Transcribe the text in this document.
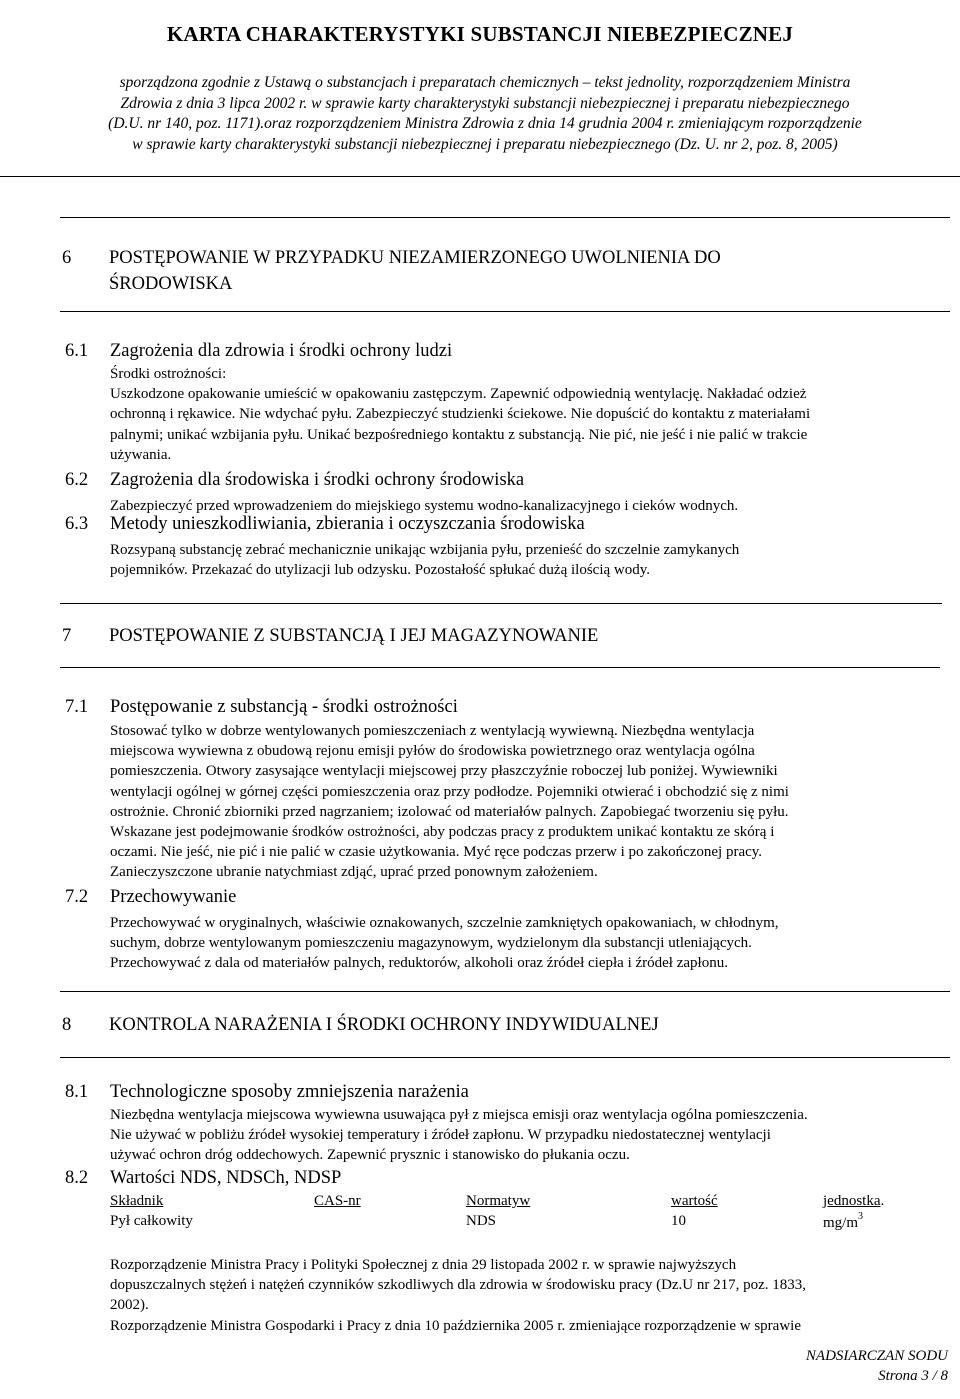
KARTA CHARAKTERYSTYKI SUBSTANCJI NIEBEZPIECZNEJ
sporządzona zgodnie z Ustawą o substancjach i preparatach chemicznych – tekst jednolity, rozporządzeniem Ministra
Zdrowia z dnia 3 lipca 2002 r. w sprawie karty charakterystyki substancji niebezpiecznej i preparatu niebezpiecznego
(D.U. nr 140, poz. 1171).oraz rozporządzeniem Ministra Zdrowia z dnia 14 grudnia 2004 r. zmieniającym rozporządzenie
w sprawie karty charakterystyki substancji niebezpiecznej i preparatu niebezpiecznego (Dz. U. nr 2, poz. 8, 2005)
6 POSTĘPOWANIE W PRZYPADKU NIEZAMIERZONEGO UWOLNIENIA DO
ŚRODOWISKA
6.1 Zagrożenia dla zdrowia i środki ochrony ludzi
Środki ostrożności:
Uszkodzone opakowanie umieścić w opakowaniu zastępczym. Zapewnić odpowiednią wentylację. Nakładać odzież
ochronną i rękawice. Nie wdychać pyłu. Zabezpieczyć studzienki ściekowe. Nie dopuścić do kontaktu z materiałami
palnymi; unikać wzbijania pyłu. Unikać bezpośredniego kontaktu z substancją. Nie pić, nie jeść i nie palić w trakcie
używania.
6.2 Zagrożenia dla środowiska i środki ochrony środowiska
Zabezpieczyć przed wprowadzeniem do miejskiego systemu wodno-kanalizacyjnego i cieków wodnych.
6.3 Metody unieszkodliwiania, zbierania i oczyszczania środowiska
Rozsypaną substancję zebrać mechanicznie unikając wzbijania pyłu, przenieść do szczelnie zamykanych
pojemników. Przekazać do utylizacji lub odzysku. Pozostałość spłukać dużą ilością wody.
7 POSTĘPOWANIE Z SUBSTANCJĄ I JEJ MAGAZYNOWANIE
7.1 Postępowanie z substancją - środki ostrożności
Stosować tylko w dobrze wentylowanych pomieszczeniach z wentylacją wywiewną. Niezbędna wentylacja
miejscowa wywiewna z obudową rejonu emisji pyłów do środowiska powietrznego oraz wentylacja ogólna
pomieszczenia. Otwory zasysające wentylacji miejscowej przy płaszczyźnie roboczej lub poniżej. Wywiewniki
wentylacji ogólnej w górnej części pomieszczenia oraz przy podłodze. Pojemniki otwierać i obchodzić się z nimi
ostrożnie. Chronić zbiorniki przed nagrzaniem; izolować od materiałów palnych. Zapobiegać tworzeniu się pyłu.
Wskazane jest podejmowanie środków ostrożności, aby podczas pracy z produktem unikać kontaktu ze skórą i
oczami. Nie jeść, nie pić i nie palić w czasie użytkowania. Myć ręce podczas przerw i po zakończonej pracy.
Zanieczyszczone ubranie natychmiast zdjąć, uprać przed ponownym założeniem.
7.2 Przechowywanie
Przechowywać w oryginalnych, właściwie oznakowanych, szczelnie zamkniętych opakowaniach, w chłodnym,
suchym, dobrze wentylowanym pomieszczeniu magazynowym, wydzielonym dla substancji utleniających.
Przechowywać z dala od materiałów palnych, reduktorów, alkoholi oraz źródeł ciepła i źródeł zapłonu.
8 KONTROLA NARAŻENIA I ŚRODKI OCHRONY INDYWIDUALNEJ
8.1 Technologiczne sposoby zmniejszenia narażenia
Niezbędna wentylacja miejscowa wywiewna usuwająca pył z miejsca emisji oraz wentylacja ogólna pomieszczenia.
Nie używać w pobliżu źródeł wysokiej temperatury i źródeł zapłonu. W przypadku niedostatecznej wentylacji
używać ochron dróg oddechowych. Zapewnić prysznic i stanowisko do płukania oczu.
8.2 Wartości NDS, NDSCh, NDSP
Składnik	CAS-nr	Normatyw	wartość	jednostka.
Pył całkowity		NDS	10	$mg/m^3$
Rozporządzenie Ministra Pracy i Polityki Społecznej z dnia 29 listopada 2002 r. w sprawie najwyższych
dopuszczalnych stężeń i natężeń czynników szkodliwych dla zdrowia w środowisku pracy (Dz.U nr 217, poz. 1833,
2002).
Rozporządzenie Ministra Gospodarki i Pracy z dnia 10 października 2005 r. zmieniające rozporządzenie w sprawie
NADSIARCZAN SODU
Strona 3 / 8
